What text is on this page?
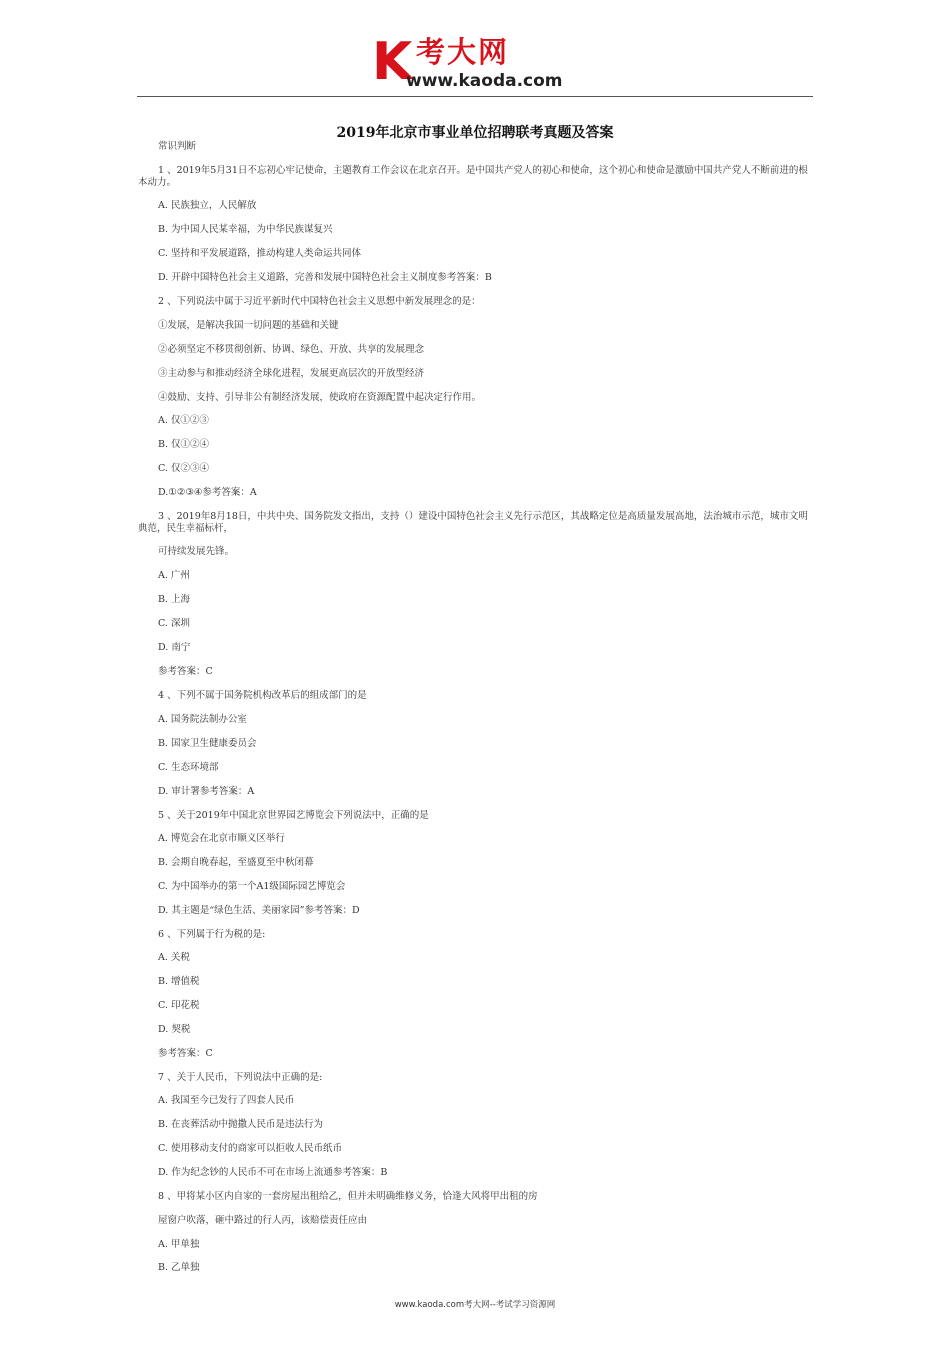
K 考大网
www.kaoda.com
2019年北京市事业单位招聘联考真题及答案
常识判断
1 、2019年5月31日不忘初心牢记使命，主题教育工作会议在北京召开。是中国共产党人的初心和使命，这个初心和使命是激励中国共产党人不断前进的根本动力。
A. 民族独立，人民解放
B. 为中国人民某幸福，为中华民族谋复兴
C. 坚持和平发展道路，推动构建人类命运共同体
D. 开辟中国特色社会主义道路，完善和发展中国特色社会主义制度参考答案：B
2 、下列说法中属于习近平新时代中国特色社会主义思想中新发展理念的是：
①发展，是解决我国一切问题的基础和关键
②必须坚定不移贯彻创新、协调、绿色、开放、共享的发展理念
③主动参与和推动经济全球化进程，发展更高层次的开放型经济
④鼓励、支持、引导非公有制经济发展，使政府在资源配置中起决定行作用。
A. 仅①②③
B. 仅①②④
C. 仅②③④
D.①②③④参考答案：A
3 、2019年8月18日，中共中央、国务院发文指出，支持（）建设中国特色社会主义先行示范区，其战略定位是高质量发展高地，法治城市示范，城市文明典范，民生幸福标杆，
可持续发展先锋。
A. 广州
B. 上海
C. 深圳
D. 南宁
参考答案：C
4 、下列不属于国务院机构改革后的组成部门的是
A. 国务院法制办公室
B. 国家卫生健康委员会
C. 生态环境部
D. 审计署参考答案：A
5 、关于2019年中国北京世界园艺博览会下列说法中，正确的是
A. 博览会在北京市顺义区举行
B. 会期自晚春起，至盛夏至中秋闭幕
C. 为中国举办的第一个A1级国际园艺博览会
D. 其主题是“绿色生活、美丽家园”参考答案：D
6 、下列属于行为税的是:
A. 关税
B. 增值税
C. 印花税
D. 契税
参考答案：C
7 、关于人民币，下列说法中正确的是:
A. 我国至今已发行了四套人民币
B. 在丧葬活动中抛撒人民币是违法行为
C. 使用移动支付的商家可以拒收人民币纸币
D. 作为纪念钞的人民币不可在市场上流通参考答案：B
8 、甲将某小区内自家的一套房屋出租给乙，但并未明确维修义务，恰逢大风将甲出租的房
屋窗户吹落，砸中路过的行人丙，该赔偿责任应由
A. 甲单独
B. 乙单独
www.kaoda.com考大网--考试学习资源网
